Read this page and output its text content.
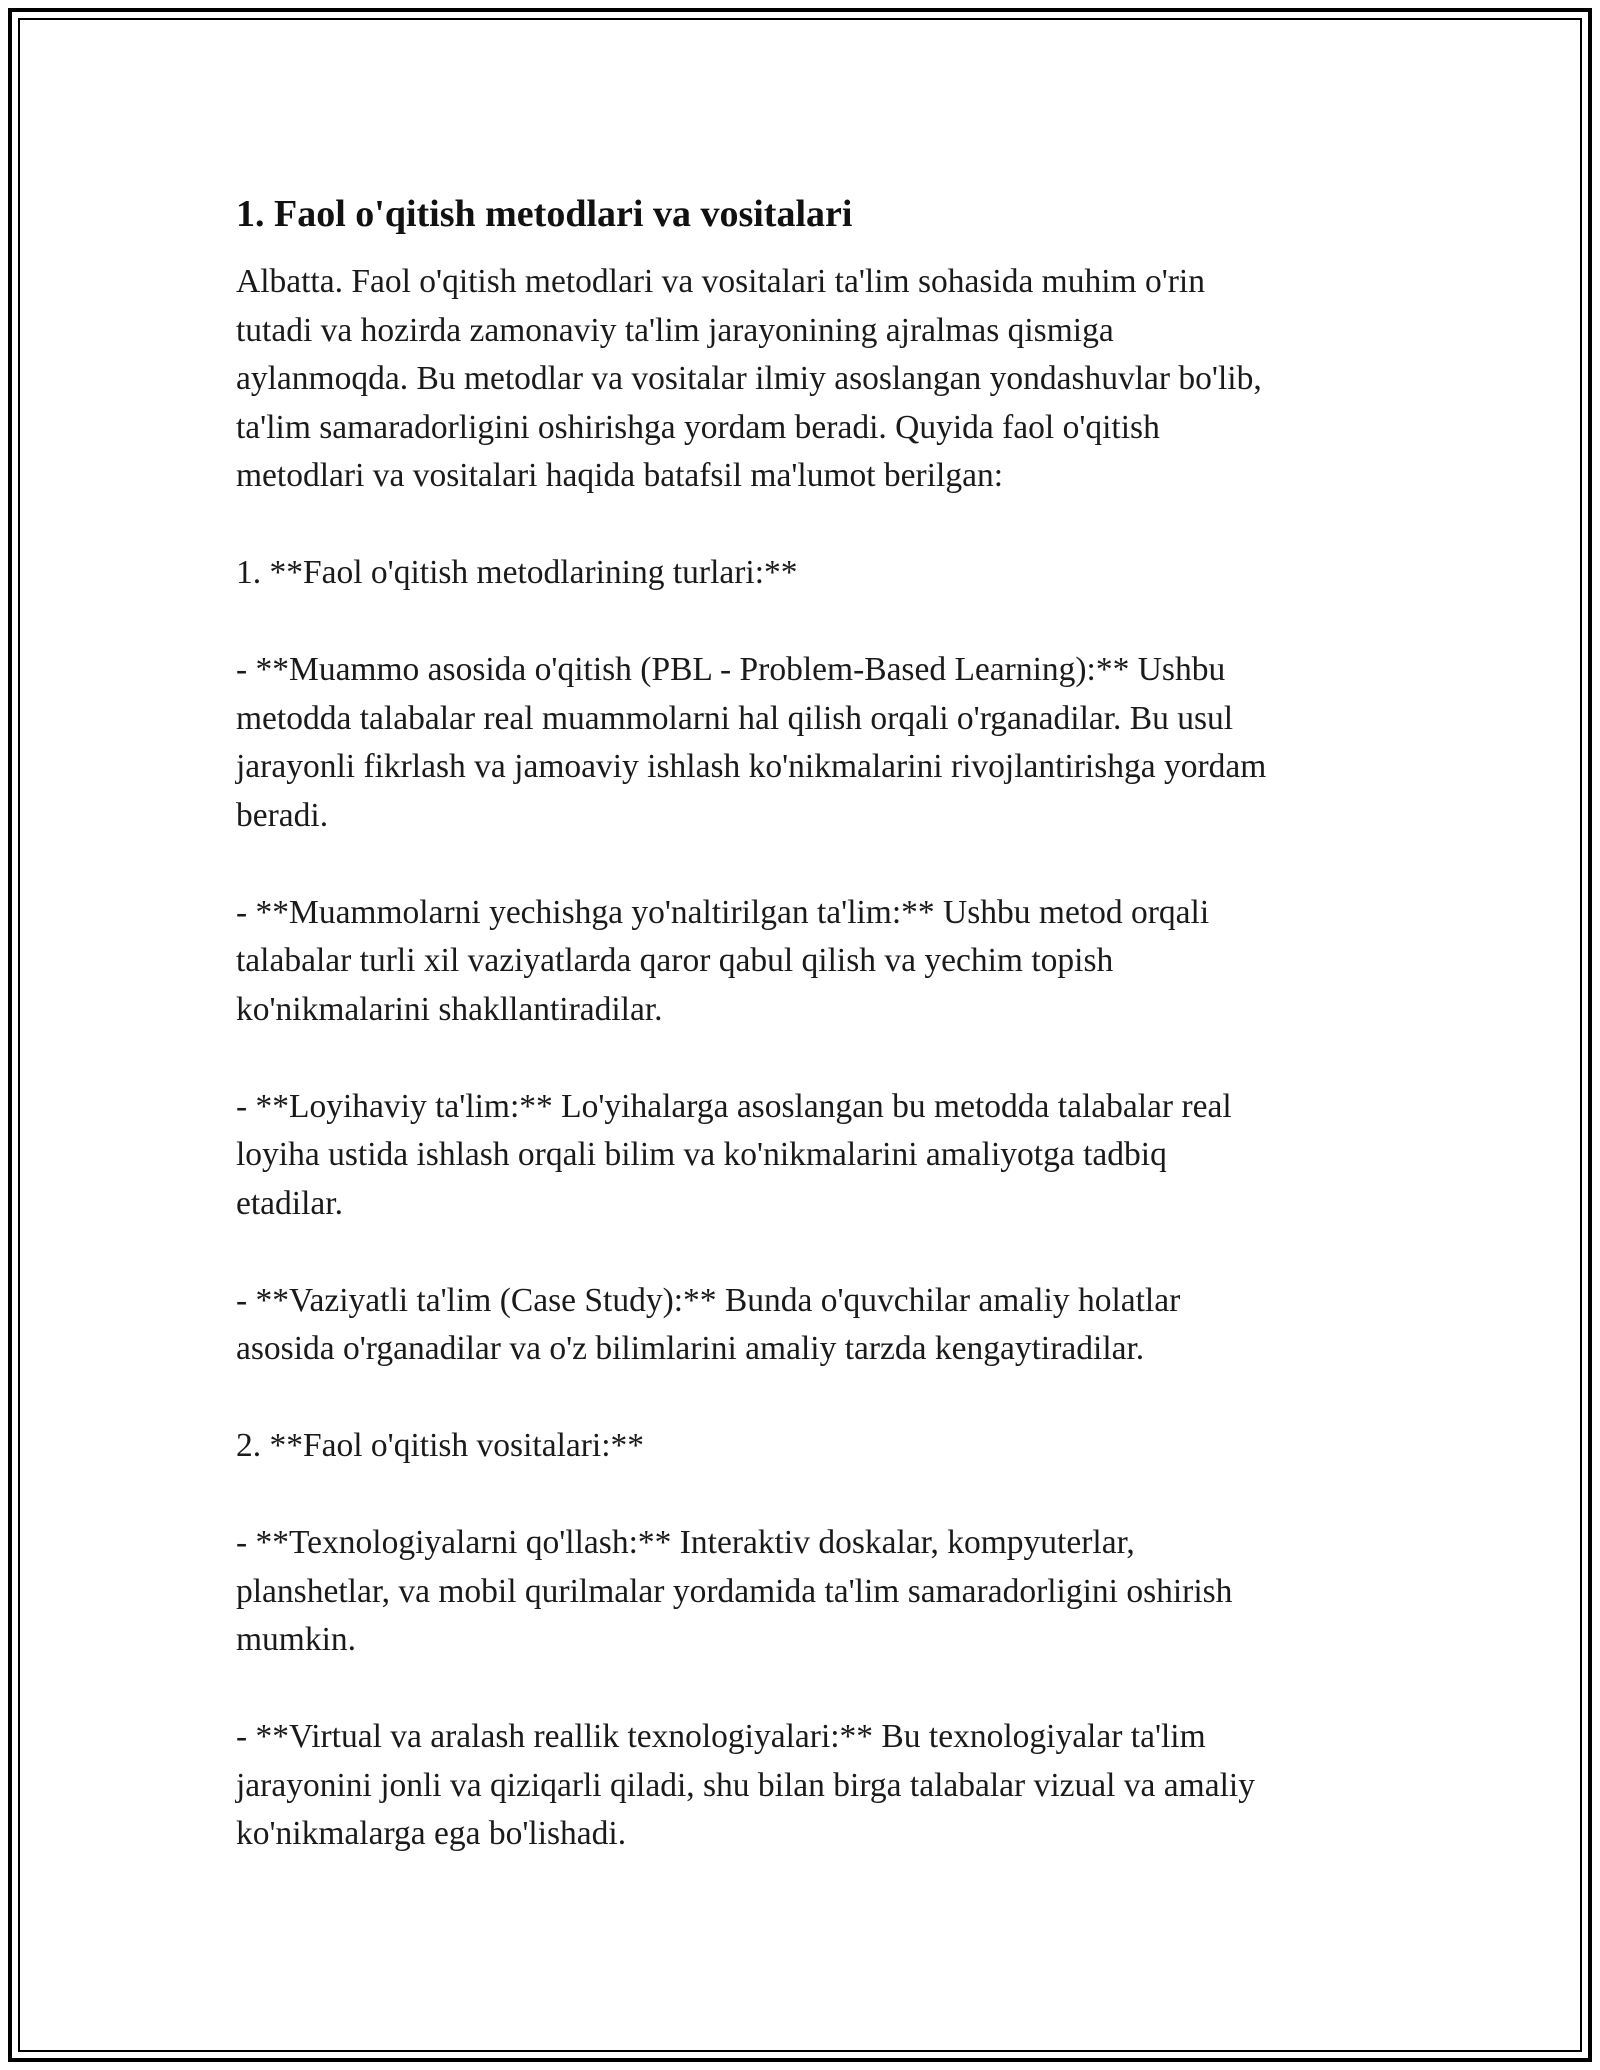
1. Faol o'qitish metodlari va vositalari

Albatta. Faol o'qitish metodlari va vositalari ta'lim sohasida muhim o'rin
tutadi va hozirda zamonaviy ta'lim jarayonining ajralmas qismiga
aylanmoqda. Bu metodlar va vositalar ilmiy asoslangan yondashuvlar bo'lib,
ta'lim samaradorligini oshirishga yordam beradi. Quyida faol o'qitish
metodlari va vositalari haqida batafsil ma'lumot berilgan:

1. **Faol o'qitish metodlarining turlari:**

- **Muammo asosida o'qitish (PBL - Problem-Based Learning):** Ushbu
metodda talabalar real muammolarni hal qilish orqali o'rganadilar. Bu usul
jarayonli fikrlash va jamoaviy ishlash ko'nikmalarini rivojlantirishga yordam
beradi.

- **Muammolarni yechishga yo'naltirilgan ta'lim:** Ushbu metod orqali
talabalar turli xil vaziyatlarda qaror qabul qilish va yechim topish
ko'nikmalarini shakllantiradilar.

- **Loyihaviy ta'lim:** Lo'yihalarga asoslangan bu metodda talabalar real
loyiha ustida ishlash orqali bilim va ko'nikmalarini amaliyotga tadbiq
etadilar.

- **Vaziyatli ta'lim (Case Study):** Bunda o'quvchilar amaliy holatlar
asosida o'rganadilar va o'z bilimlarini amaliy tarzda kengaytiradilar.

2. **Faol o'qitish vositalari:**

- **Texnologiyalarni qo'llash:** Interaktiv doskalar, kompyuterlar,
planshetlar, va mobil qurilmalar yordamida ta'lim samaradorligini oshirish
mumkin.

- **Virtual va aralash reallik texnologiyalari:** Bu texnologiyalar ta'lim
jarayonini jonli va qiziqarli qiladi, shu bilan birga talabalar vizual va amaliy
ko'nikmalarga ega bo'lishadi.
